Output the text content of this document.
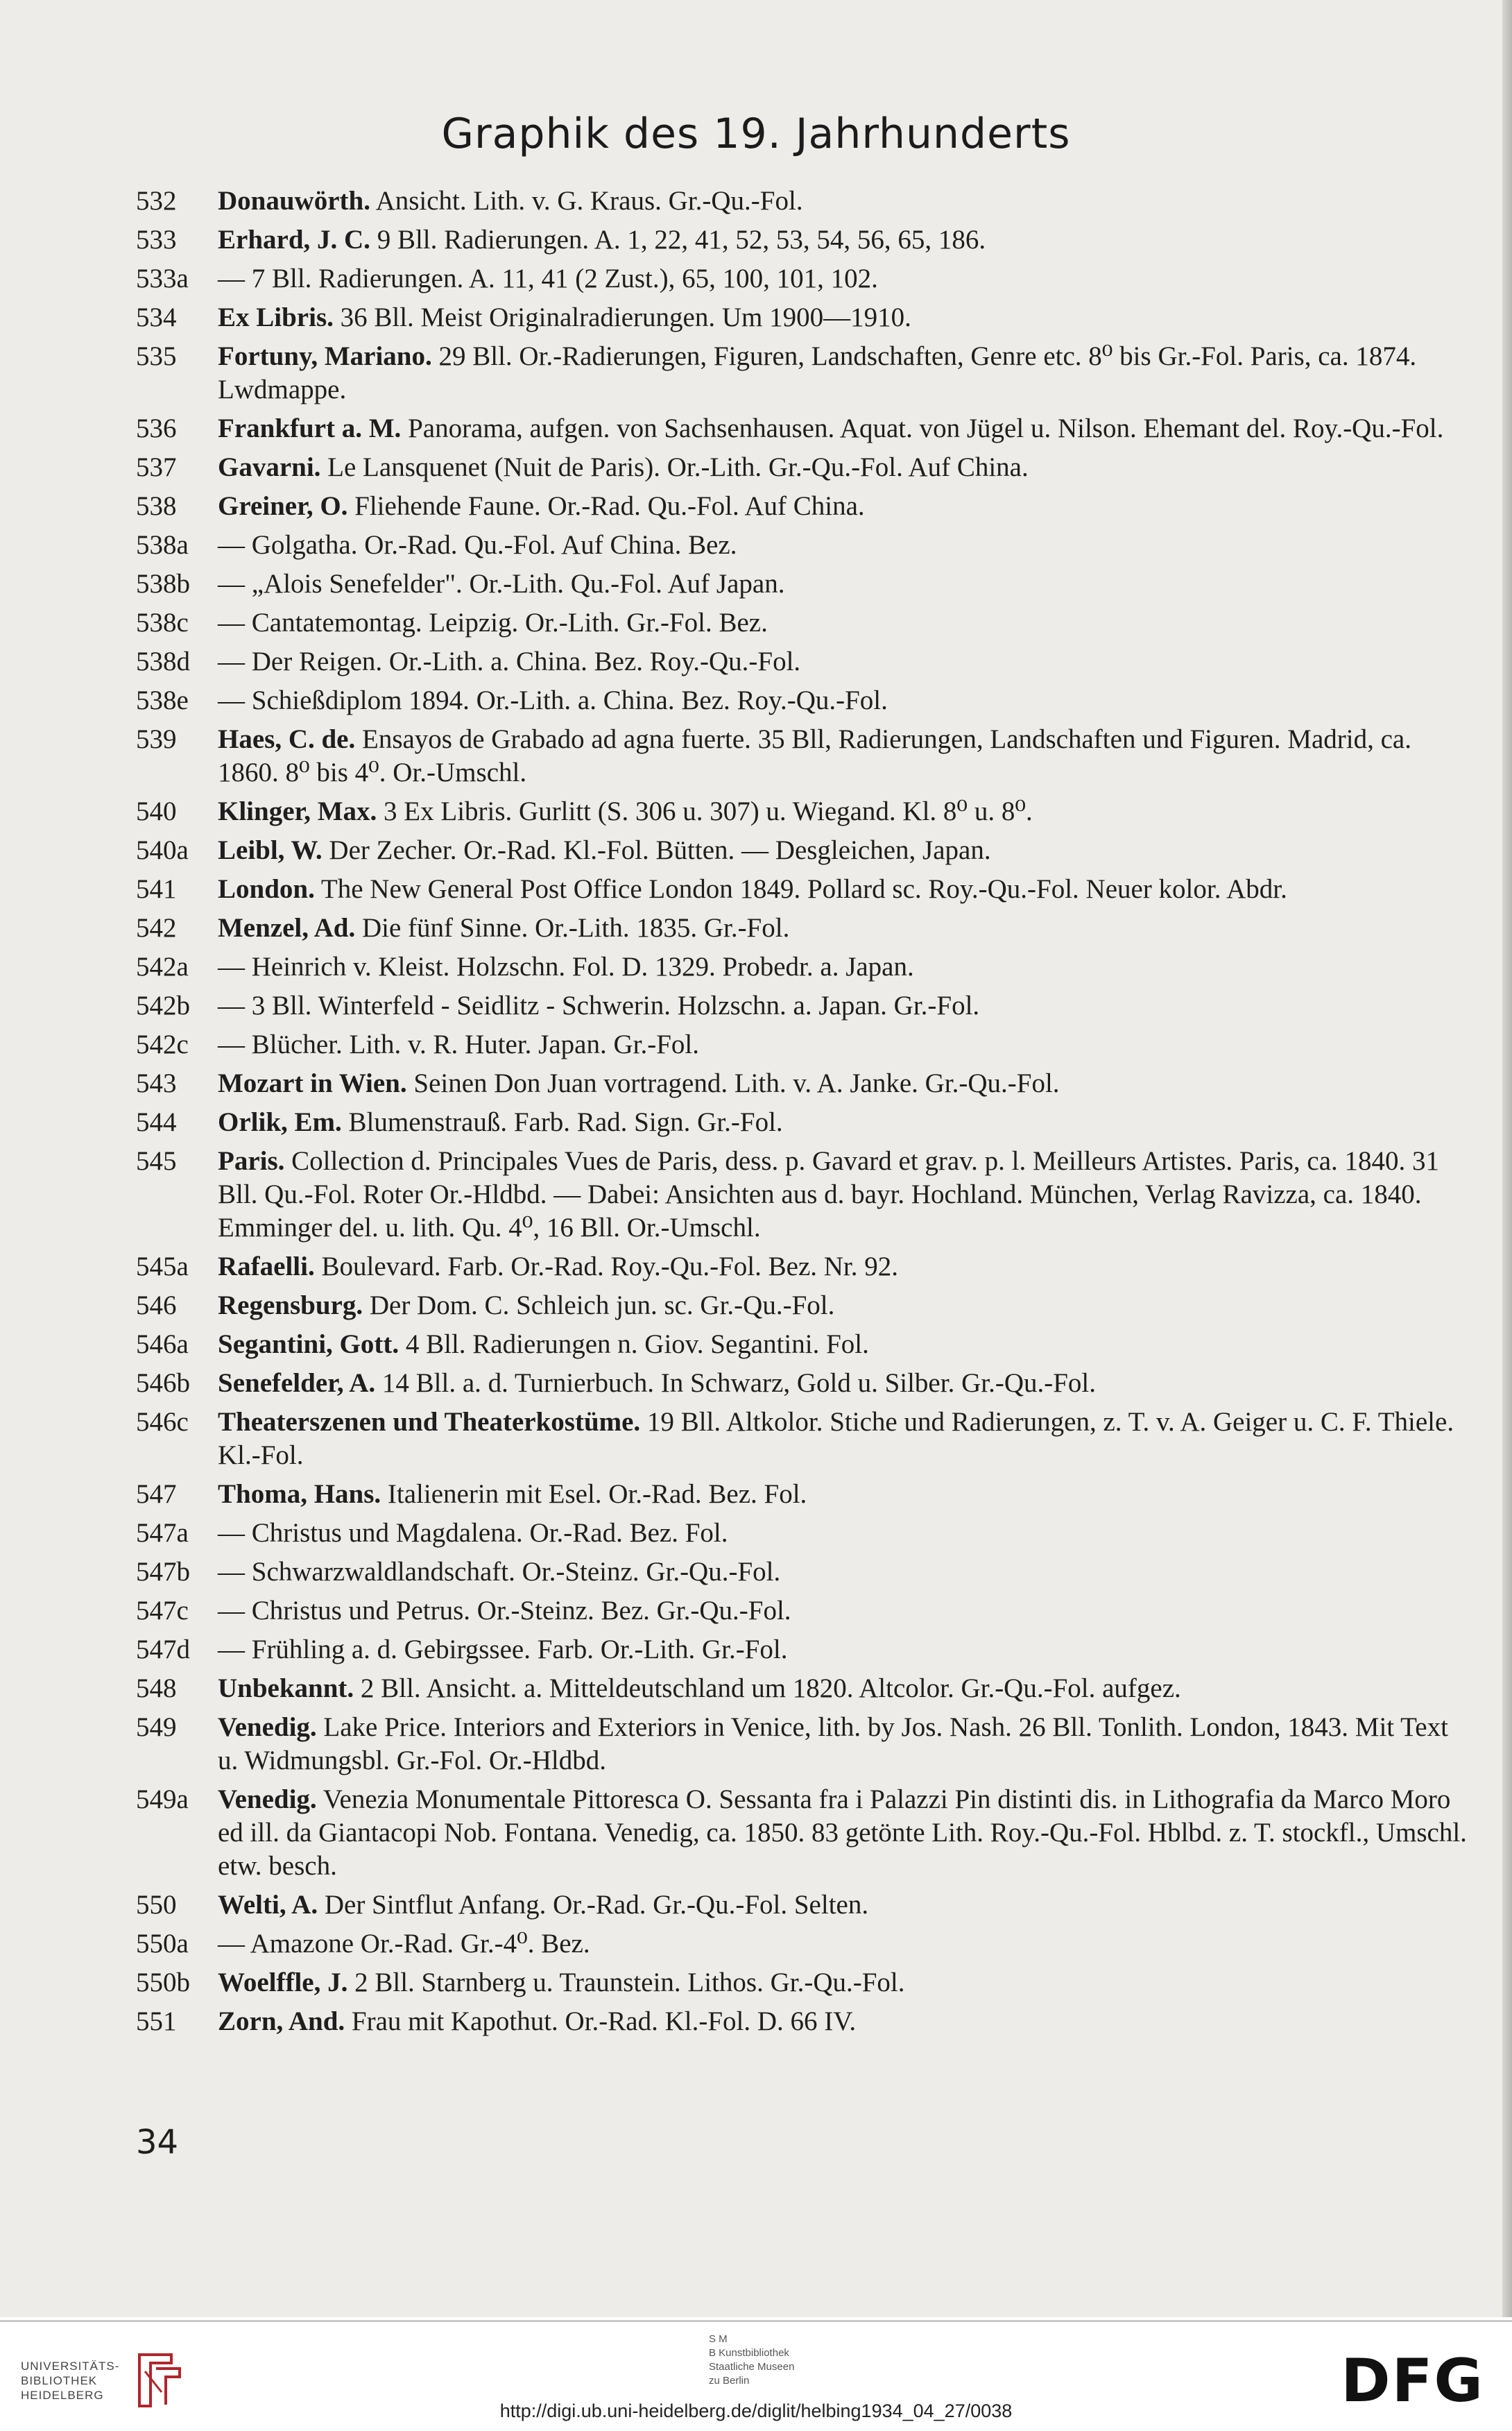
Graphik des 19. Jahrhunderts
532	Donauwörth. Ansicht. Lith. v. G. Kraus. Gr.-Qu.-Fol.
533	Erhard, J. C. 9 Bll. Radierungen. A. 1, 22, 41, 52, 53, 54, 56, 65, 186.
533a	— 7 Bll. Radierungen. A. 11, 41 (2 Zust.), 65, 100, 101, 102.
534	Ex Libris. 36 Bll. Meist Originalradierungen. Um 1900—1910.
535	Fortuny, Mariano. 29 Bll. Or.-Radierungen, Figuren, Landschaften, Genre etc. 8⁰ bis Gr.-Fol. Paris, ca. 1874. Lwdmappe.
536	Frankfurt a. M. Panorama, aufgen. von Sachsenhausen. Aquat. von Jügel u. Nilson. Ehemant del. Roy.-Qu.-Fol.
537	Gavarni. Le Lansquenet (Nuit de Paris). Or.-Lith. Gr.-Qu.-Fol. Auf China.
538	Greiner, O. Fliehende Faune. Or.-Rad. Qu.-Fol. Auf China.
538a	— Golgatha. Or.-Rad. Qu.-Fol. Auf China. Bez.
538b	— „Alois Senefelder". Or.-Lith. Qu.-Fol. Auf Japan.
538c	— Cantatemontag. Leipzig. Or.-Lith. Gr.-Fol. Bez.
538d	— Der Reigen. Or.-Lith. a. China. Bez. Roy.-Qu.-Fol.
538e	— Schießdiplom 1894. Or.-Lith. a. China. Bez. Roy.-Qu.-Fol.
539	Haes, C. de. Ensayos de Grabado ad agna fuerte. 35 Bll, Radierungen, Landschaften und Figuren. Madrid, ca. 1860. 8⁰ bis 4⁰. Or.-Umschl.
540	Klinger, Max. 3 Ex Libris. Gurlitt (S. 306 u. 307) u. Wiegand. Kl. 8⁰ u. 8⁰.
540a	Leibl, W. Der Zecher. Or.-Rad. Kl.-Fol. Bütten. — Desgleichen, Japan.
541	London. The New General Post Office London 1849. Pollard sc. Roy.-Qu.-Fol. Neuer kolor. Abdr.
542	Menzel, Ad. Die fünf Sinne. Or.-Lith. 1835. Gr.-Fol.
542a	— Heinrich v. Kleist. Holzschn. Fol. D. 1329. Probedr. a. Japan.
542b	— 3 Bll. Winterfeld - Seidlitz - Schwerin. Holzschn. a. Japan. Gr.-Fol.
542c	— Blücher. Lith. v. R. Huter. Japan. Gr.-Fol.
543	Mozart in Wien. Seinen Don Juan vortragend. Lith. v. A. Janke. Gr.-Qu.-Fol.
544	Orlik, Em. Blumenstrauß. Farb. Rad. Sign. Gr.-Fol.
545	Paris. Collection d. Principales Vues de Paris, dess. p. Gavard et grav. p. l. Meilleurs Artistes. Paris, ca. 1840. 31 Bll. Qu.-Fol. Roter Or.-Hldbd. — Dabei: Ansichten aus d. bayr. Hochland. München, Verlag Ravizza, ca. 1840. Emminger del. u. lith. Qu. 4⁰, 16 Bll. Or.-Umschl.
545a	Rafaelli. Boulevard. Farb. Or.-Rad. Roy.-Qu.-Fol. Bez. Nr. 92.
546	Regensburg. Der Dom. C. Schleich jun. sc. Gr.-Qu.-Fol.
546a	Segantini, Gott. 4 Bll. Radierungen n. Giov. Segantini. Fol.
546b	Senefelder, A. 14 Bll. a. d. Turnierbuch. In Schwarz, Gold u. Silber. Gr.-Qu.-Fol.
546c	Theaterszenen und Theaterkostüme. 19 Bll. Altkolor. Stiche und Radierungen, z. T. v. A. Geiger u. C. F. Thiele. Kl.-Fol.
547	Thoma, Hans. Italienerin mit Esel. Or.-Rad. Bez. Fol.
547a	— Christus und Magdalena. Or.-Rad. Bez. Fol.
547b	— Schwarzwaldlandschaft. Or.-Steinz. Gr.-Qu.-Fol.
547c	— Christus und Petrus. Or.-Steinz. Bez. Gr.-Qu.-Fol.
547d	— Frühling a. d. Gebirgssee. Farb. Or.-Lith. Gr.-Fol.
548	Unbekannt. 2 Bll. Ansicht. a. Mitteldeutschland um 1820. Altcolor. Gr.-Qu.-Fol. aufgez.
549	Venedig. Lake Price. Interiors and Exteriors in Venice, lith. by Jos. Nash. 26 Bll. Tonlith. London, 1843. Mit Text u. Widmungsbl. Gr.-Fol. Or.-Hldbd.
549a	Venedig. Venezia Monumentale Pittoresca O. Sessanta fra i Palazzi Pin distinti dis. in Lithografia da Marco Moro ed ill. da Giantacopi Nob. Fontana. Venedig, ca. 1850. 83 getönte Lith. Roy.-Qu.-Fol. Hblbd. z. T. stockfl., Umschl. etw. besch.
550	Welti, A. Der Sintflut Anfang. Or.-Rad. Gr.-Qu.-Fol. Selten.
550a	— Amazone Or.-Rad. Gr.-4⁰. Bez.
550b	Woelffle, J. 2 Bll. Starnberg u. Traunstein. Lithos. Gr.-Qu.-Fol.
551	Zorn, And. Frau mit Kapothut. Or.-Rad. Kl.-Fol. D. 66 IV.
34
UNIVERSITÄTS-
BIBLIOTHEK
HEIDELBERG
S M
B Kunstbibliothek
Staatliche Museen
zu Berlin	DFG
http://digi.ub.uni-heidelberg.de/diglit/helbing1934_04_27/0038
